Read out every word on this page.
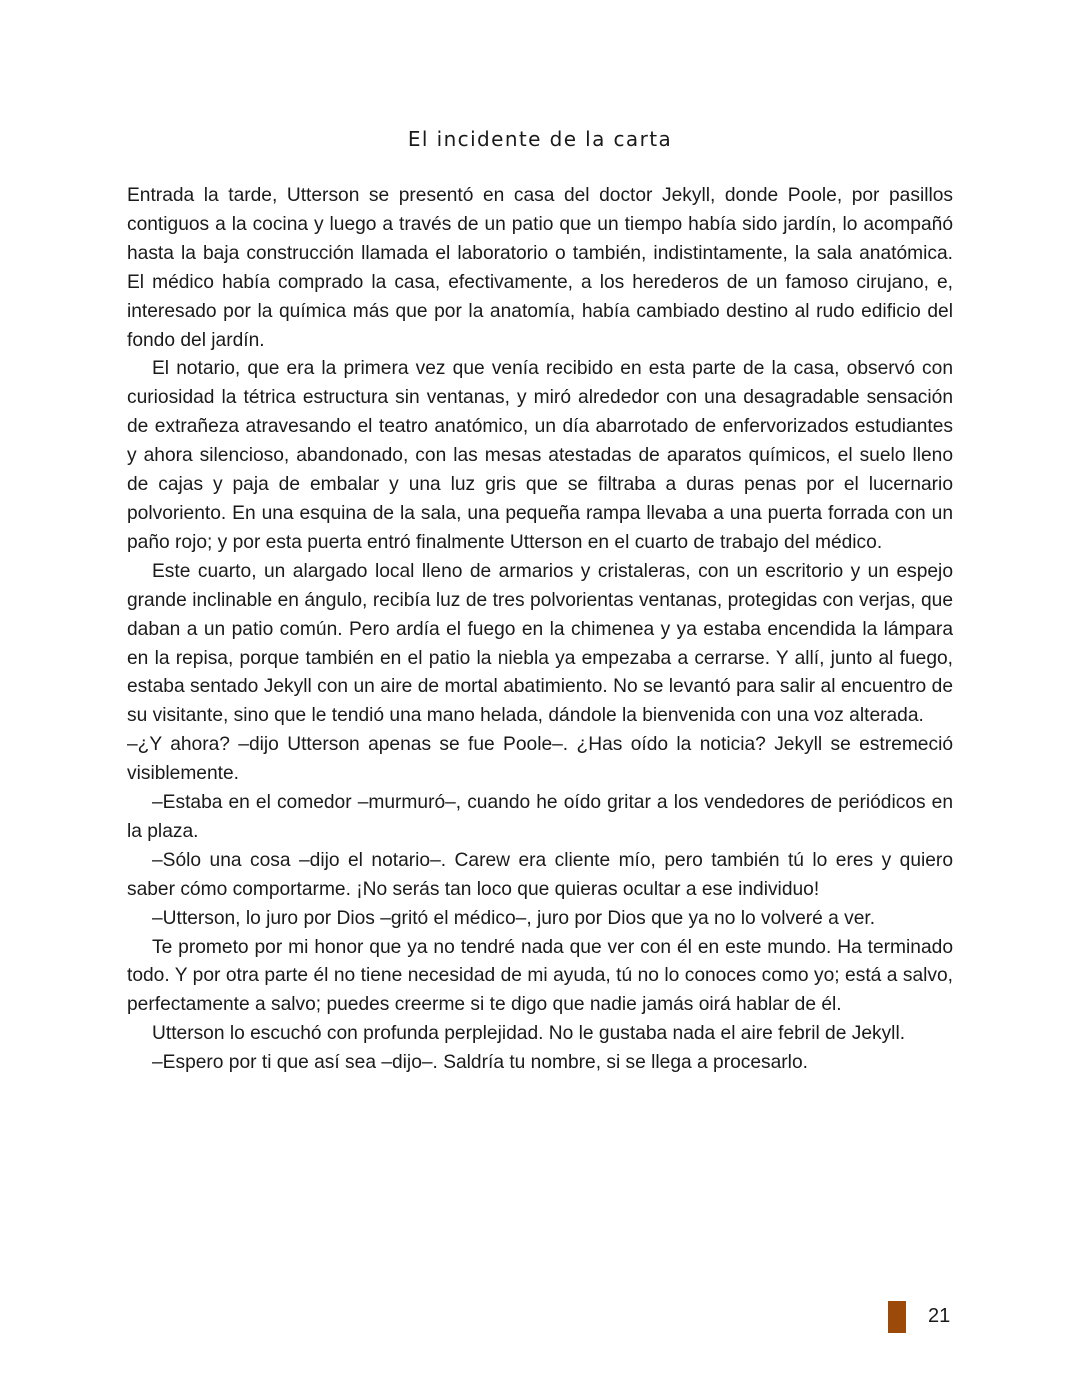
El incidente de la carta

Entrada la tarde, Utterson se presentó en casa del doctor Jekyll, donde Poole, por pasillos contiguos a la cocina y luego a través de un patio que un tiempo había sido jardín, lo acompañó hasta la baja construcción llamada el laboratorio o también, indistintamente, la sala anatómica. El médico había comprado la casa, efectivamente, a los herederos de un famoso cirujano, e, interesado por la química más que por la anatomía, había cambiado destino al rudo edificio del fondo del jardín.

El notario, que era la primera vez que venía recibido en esta parte de la casa, observó con curiosidad la tétrica estructura sin ventanas, y miró alrededor con una desagradable sensación de extrañeza atravesando el teatro anatómico, un día abarrotado de enfervorizados estudiantes y ahora silencioso, abandonado, con las mesas atestadas de aparatos químicos, el suelo lleno de cajas y paja de embalar y una luz gris que se filtraba a duras penas por el lucernario polvoriento. En una esquina de la sala, una pequeña rampa llevaba a una puerta forrada con un paño rojo; y por esta puerta entró finalmente Utterson en el cuarto de trabajo del médico.

Este cuarto, un alargado local lleno de armarios y cristaleras, con un escritorio y un espejo grande inclinable en ángulo, recibía luz de tres polvorientas ventanas, protegidas con verjas, que daban a un patio común. Pero ardía el fuego en la chimenea y ya estaba encendida la lámpara en la repisa, porque también en el patio la niebla ya empezaba a cerrarse. Y allí, junto al fuego, estaba sentado Jekyll con un aire de mortal abatimiento. No se levantó para salir al encuentro de su visitante, sino que le tendió una mano helada, dándole la bienvenida con una voz alterada.

–¿Y ahora? –dijo Utterson apenas se fue Poole–. ¿Has oído la noticia? Jekyll se estremeció visiblemente.

–Estaba en el comedor –murmuró–, cuando he oído gritar a los vendedores de periódicos en la plaza.

–Sólo una cosa –dijo el notario–. Carew era cliente mío, pero también tú lo eres y quiero saber cómo comportarme. ¡No serás tan loco que quieras ocultar a ese individuo!

–Utterson, lo juro por Dios –gritó el médico–, juro por Dios que ya no lo volveré a ver.

Te prometo por mi honor que ya no tendré nada que ver con él en este mundo. Ha terminado todo. Y por otra parte él no tiene necesidad de mi ayuda, tú no lo conoces como yo; está a salvo, perfectamente a salvo; puedes creerme si te digo que nadie jamás oirá hablar de él.

Utterson lo escuchó con profunda perplejidad. No le gustaba nada el aire febril de Jekyll.

–Espero por ti que así sea –dijo–. Saldría tu nombre, si se llega a procesarlo.

21
